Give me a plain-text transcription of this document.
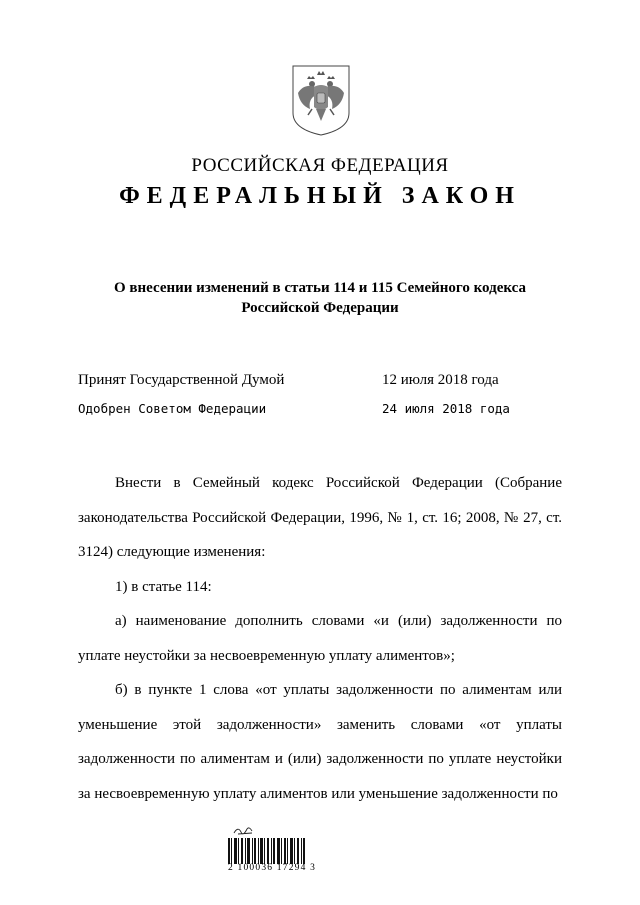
РОССИЙСКАЯ ФЕДЕРАЦИЯ
ФЕДЕРАЛЬНЫЙ ЗАКОН
О внесении изменений в статьи 114 и 115 Семейного кодекса
Российской Федерации
Принят Государственной Думой	12 июля 2018 года
Одобрен Советом Федерации	24 июля 2018 года

Внести в Семейный кодекс Российской Федерации (Собрание законодательства Российской Федерации, 1996, № 1, ст. 16; 2008, № 27, ст. 3124) следующие изменения:

1) в статье 114:

а) наименование дополнить словами «и (или) задолженности по уплате неустойки за несвоевременную уплату алиментов»;

б) в пункте 1 слова «от уплаты задолженности по алиментам или уменьшение этой задолженности» заменить словами «от уплаты задолженности по алиментам и (или) задолженности по уплате неустойки за несвоевременную уплату алиментов или уменьшение задолженности по

2 100036 17294 3
